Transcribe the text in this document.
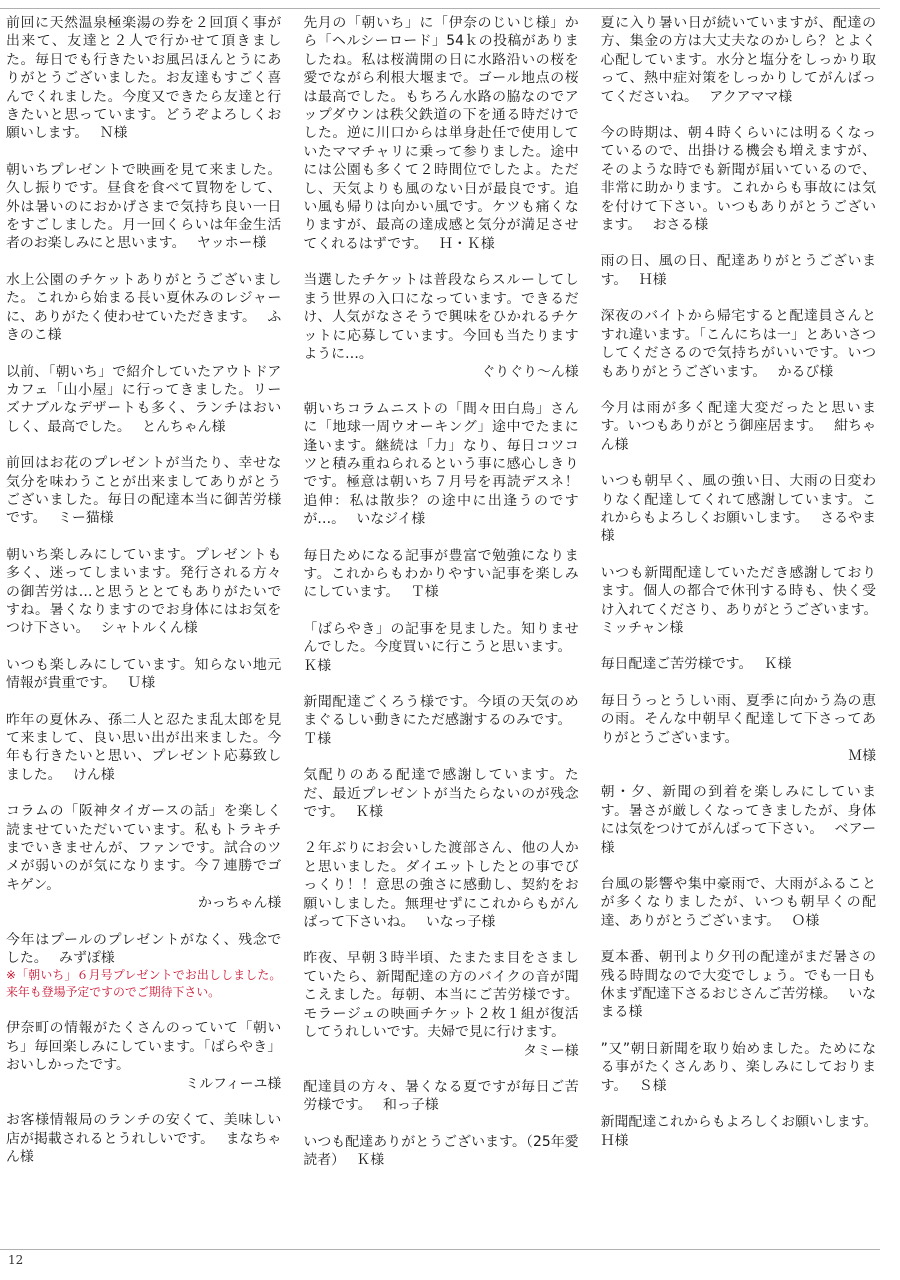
前回に天然温泉極楽湯の券を２回頂く事が出来て、友達と２人で行かせて頂きました。毎日でも行きたいお風呂ほんとうにありがとうございました。お友達もすごく喜んでくれました。今度又できたら友達と行きたいと思っています。どうぞよろしくお願いします。　 Ｎ様

朝いちプレゼントで映画を見て来ました。久し振りです。昼食を食べて買物をして、外は暑いのにおかげさまで気持ち良い一日をすごしました。月一回くらいは年金生活者のお楽しみにと思います。　 ヤッホー様

水上公園のチケットありがとうございました。これから始まる長い夏休みのレジャーに、ありがたく使わせていただきます。　 ふきのこ様

以前、「朝いち」で紹介していたアウトドアカフェ「山小屋」に行ってきました。リーズナブルなデザートも多く、ランチはおいしく、最高でした。　 とんちゃん様

前回はお花のプレゼントが当たり、幸せな気分を味わうことが出来ましてありがとうございました。毎日の配達本当に御苦労様です。　 ミー猫様

朝いち楽しみにしています。プレゼントも多く、迷ってしまいます。発行される方々の御苦労は…と思うととてもありがたいですね。暑くなりますのでお身体にはお気をつけ下さい。　 シャトルくん様

いつも楽しみにしています。知らない地元情報が貴重です。　 Ｕ様

昨年の夏休み、孫二人と忍たま乱太郎を見て来まして、良い思い出が出来ました。今年も行きたいと思い、プレゼント応募致しました。　 けん様

コラムの「阪神タイガースの話」を楽しく読ませていただいています。私もトラキチまでいきませんが、ファンです。試合のツメが弱いのが気になります。今７連勝でゴキゲン。
かっちゃん様

今年はプールのプレゼントがなく、残念でした。　 みずぽ様
※「朝いち」６月号プレゼントでお出ししました。来年も登場予定ですのでご期待下さい。

伊奈町の情報がたくさんのっていて「朝いち」毎回楽しみにしています。「ばらやき」おいしかったです。
ミルフィーユ様

お客様情報局のランチの安くて、美味しい店が掲載されるとうれしいです。　 まなちゃん様

先月の「朝いち」に「伊奈のじいじ様」から「ヘルシーロード」54ｋの投稿がありましたね。私は桜満開の日に水路沿いの桜を愛でながら利根大堰まで。ゴール地点の桜は最高でした。もちろん水路の脇なのでアップダウンは秩父鉄道の下を通る時だけでした。逆に川口からは単身赴任で使用していたママチャリに乗って参りました。途中には公園も多くて２時間位でしたよ。ただし、天気よりも風のない日が最良です。追い風も帰りは向かい風です。ケツも痛くなりますが、最高の達成感と気分が満足させてくれるはずです。　 Ｈ・Ｋ様

当選したチケットは普段ならスルーしてしまう世界の入口になっています。できるだけ、人気がなさそうで興味をひかれるチケットに応募しています。今回も当たりますように…。
ぐりぐり〜ん様

朝いちコラムニストの「間々田白鳥」さんに「地球一周ウオーキング」途中でたまに逢います。継続は「力」なり、毎日コツコツと積み重ねられるという事に感心しきりです。極意は朝いち７月号を再読デスネ！追伸：私は散歩？の途中に出逢うのですが…。　 いなジイ様

毎日ためになる記事が豊富で勉強になります。これからもわかりやすい記事を楽しみにしています。　 Ｔ様

「ばらやき」の記事を見ました。知りませんでした。今度買いに行こうと思います。　 Ｋ様

新聞配達ごくろう様です。今頃の天気のめまぐるしい動きにただ感謝するのみです。　 Ｔ様

気配りのある配達で感謝しています。ただ、最近プレゼントが当たらないのが残念です。　 Ｋ様

２年ぶりにお会いした渡部さん、他の人かと思いました。ダイエットしたとの事でびっくり！！意思の強さに感動し、契約をお願いしました。無理せずにこれからもがんばって下さいね。　 いなっ子様

昨夜、早朝３時半頃、たまたま目をさましていたら、新聞配達の方のバイクの音が聞こえました。毎朝、本当にご苦労様です。モラージュの映画チケット２枚１組が復活してうれしいです。夫婦で見に行けます。
タミー様

配達員の方々、暑くなる夏ですが毎日ご苦労様です。　 和っ子様

いつも配達ありがとうございます。（25年愛読者）　 Ｋ様

夏に入り暑い日が続いていますが、配達の方、集金の方は大丈夫なのかしら？とよく心配しています。水分と塩分をしっかり取って、熱中症対策をしっかりしてがんばってくださいね。　 アクアママ様

今の時期は、朝４時くらいには明るくなっているので、出掛ける機会も増えますが、そのような時でも新聞が届いているので、非常に助かります。これからも事故には気を付けて下さい。いつもありがとうございます。　 おさる様

雨の日、風の日、配達ありがとうございます。　 Ｈ様

深夜のバイトから帰宅すると配達員さんとすれ違います。「こんにちは一」とあいさつしてくださるので気持ちがいいです。いつもありがとうございます。　 かるび様

今月は雨が多く配達大変だったと思います。いつもありがとう御座居ます。　 紺ちゃん様

いつも朝早く、風の強い日、大雨の日変わりなく配達してくれて感謝しています。これからもよろしくお願いします。　 さるやま様

いつも新聞配達していただき感謝しております。個人の都合で休刊する時も、快く受け入れてくださり、ありがとうございます。　 ミッチャン様

毎日配達ご苦労様です。　 Ｋ様

毎日うっとうしい雨、夏季に向かう為の恵の雨。そんな中朝早く配達して下さってありがとうございます。
Ｍ様

朝・夕、新聞の到着を楽しみにしています。暑さが厳しくなってきましたが、身体には気をつけてがんばって下さい。　 ベアー様

台風の影響や集中豪雨で、大雨がふることが多くなりましたが、いつも朝早くの配達、ありがとうございます。　 Ｏ様

夏本番、朝刊より夕刊の配達がまだ暑さの残る時間なので大変でしょう。でも一日も休まず配達下さるおじさんご苦労様。　 いなまる様

”又”朝日新聞を取り始めました。ためになる事がたくさんあり、楽しみにしております。　 Ｓ様

新聞配達これからもよろしくお願いします。　 Ｈ様

12
